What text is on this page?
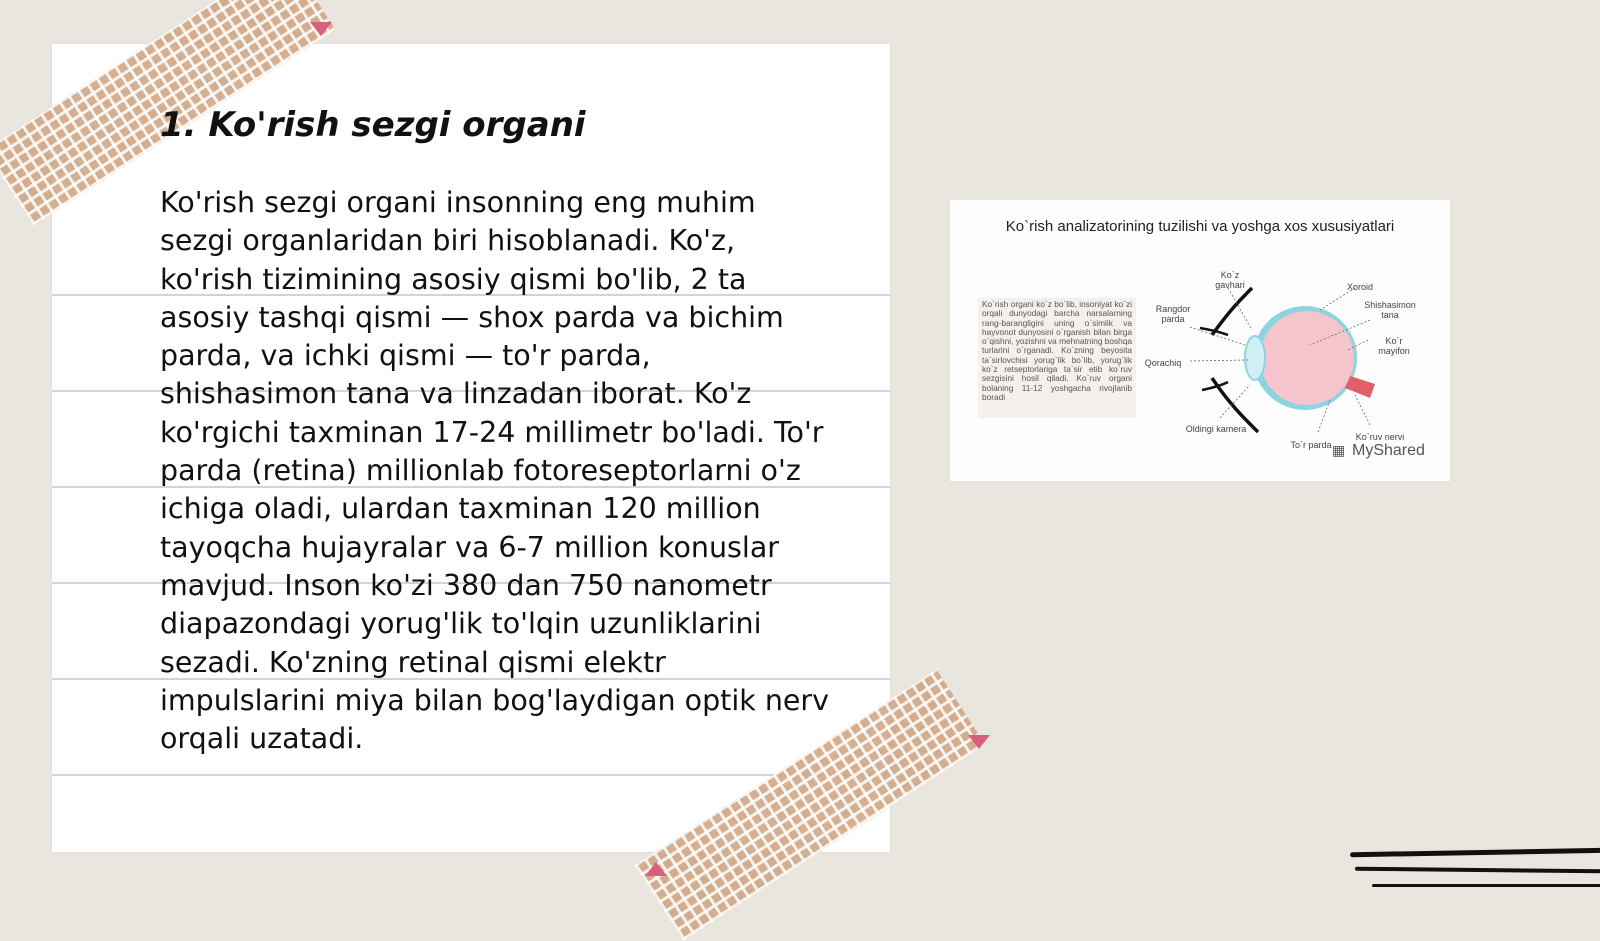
1. Ko'rish sezgi organi

Ko'rish sezgi organi insonning eng muhim sezgi organlaridan biri hisoblanadi. Ko'z, ko'rish tizimining asosiy qismi bo'lib, 2 ta asosiy tashqi qismi — shox parda va bichim parda, va ichki qismi — to'r parda, shishasimon tana va linzadan iborat. Ko'z ko'rgichi taxminan 17-24 millimetr bo'ladi. To'r parda (retina) millionlab fotoreseptorlarni o'z ichiga oladi, ulardan taxminan 120 million tayoqcha hujayralar va 6-7 million konuslar mavjud. Inson ko'zi 380 dan 750 nanometr diapazondagi yorug'lik to'lqin uzunliklarini sezadi. Ko'zning retinal qismi elektr impulslarini miya bilan bog'laydigan optik nerv orqali uzatadi.

Ko`rish analizatorining tuzilishi va yoshga xos xususiyatlari

Ko`rish organi ko`z bo`lib, insoniyat ko`zi orqali dunyodagi barcha narsalarning rang-barangligini uning o`simlik va hayvonot dunyosini o`rganish bilan birga o`qishni, yozishni va mehnatning boshqa turlarini o`rganadi. Ko`zning beyosita ta`sirlovchisi yorug`lik bo`lib, yorug`lik ko`z retseptorlariga ta`sir etib ko`ruv sezgisini hosil qiladi. Ko`ruv organi bolaning 11-12 yoshgacha rivojlanib boradi

Ko`z gavhari
Rangdor parda
Qorachiq
Oldingi kamera
Xoroid
Shishasimon tana
Ko`r mayifon
Ko`ruv nervi
To`r parda ▦ MyShared
